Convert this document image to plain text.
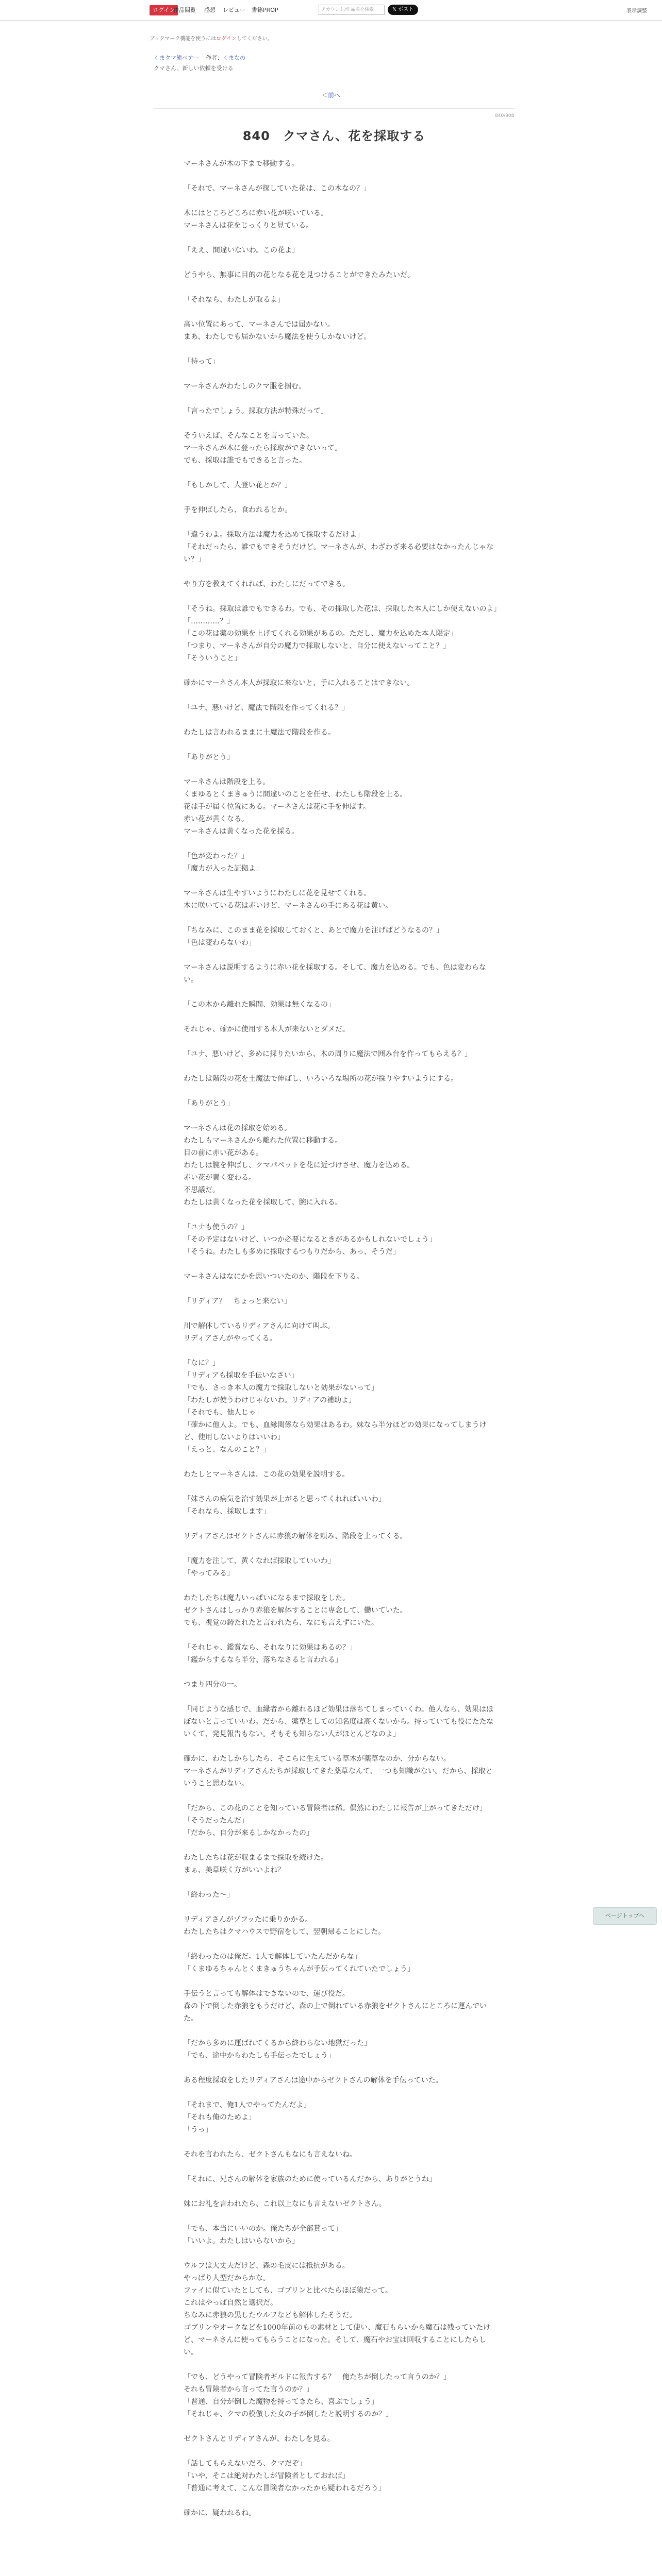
ログイン
作品閲覧 感想 レビュー 書籍PROP	アカウント/作品名を検索	𝕏 ポスト	表示調整
ブックマーク機能を使うにはログインしてください。
くまクマ熊ベアー 作者：くまなの
クマさん、新しい依頼を受ける
＜前へ
840/908
840　クマさん、花を採取する
マーネさんが木の下まで移動する。
「それで、マーネさんが探していた花は、この木なの？」
木にはところどころに赤い花が咲いている。
マーネさんは花をじっくりと見ている。
「ええ、間違いないわ。この花よ」
どうやら、無事に目的の花となる花を見つけることができたみたいだ。
「それなら、わたしが取るよ」
高い位置にあって、マーネさんでは届かない。
まあ、わたしでも届かないから魔法を使うしかないけど。
「待って」
マーネさんがわたしのクマ服を掴む。
「言ったでしょう。採取方法が特殊だって」
そういえば、そんなことを言っていた。
マーネさんが木に登ったら採取ができないって。
でも、採取は誰でもできると言った。
「もしかして、人登い花とか？」
手を伸ばしたら、食われるとか。
「違うわよ。採取方法は魔力を込めて採取するだけよ」
「それだったら、誰でもできそうだけど。マーネさんが、わざわざ来る必要はなかったんじゃない？」
やり方を教えてくれれば、わたしにだってできる。
「そうね。採取は誰でもできるわ。でも、その採取した花は、採取した本人にしか使えないのよ」
「…………？」
「この花は薬の効果を上げてくれる効果があるの。ただし、魔力を込めた本人限定」
「つまり、マーネさんが自分の魔力で採取しないと、自分に使えないってこと？」
「そういうこと」
確かにマーネさん本人が採取に来ないと、手に入れることはできない。
「ユナ、悪いけど、魔法で階段を作ってくれる？」
わたしは言われるままに土魔法で階段を作る。
「ありがとう」
マーネさんは階段を上る。
くまゆるとくまきゅうに間違いのことを任せ、わたしも階段を上る。
花は手が届く位置にある。マーネさんは花に手を伸ばす。
赤い花が黄くなる。
マーネさんは黄くなった花を採る。
「色が変わった？」
「魔力が入った証拠よ」
マーネさんは生やすいようにわたしに花を見せてくれる。
木に咲いている花は赤いけど、マーネさんの手にある花は黄い。
「ちなみに、このまま花を採取しておくと、あとで魔力を注げばどうなるの？」
「色は変わらないわ」
マーネさんは説明するように赤い花を採取する。そして、魔力を込める。でも、色は変わらない。
「この木から離れた瞬間、効果は無くなるの」
それじゃ、確かに使用する本人が来ないとダメだ。
「ユナ、悪いけど、多めに採りたいから、木の周りに魔法で囲み台を作ってもらえる？」
わたしは階段の花を土魔法で伸ばし、いろいろな場所の花が採りやすいようにする。
「ありがとう」
マーネさんは花の採取を始める。
わたしもマーネさんから離れた位置に移動する。
目の前に赤い花がある。
わたしは腕を伸ばし、クマパペットを花に近づけさせ、魔力を込める。
赤い花が黄く変わる。
不思議だ。
わたしは黄くなった花を採取して、腕に入れる。
「ユナも使うの？」
「その予定はないけど、いつか必要になるときがあるかもしれないでしょう」
「そうね。わたしも多めに採取するつもりだから、あっ、そうだ」
マーネさんはなにかを思いついたのか、階段を下りる。
「リディア？　ちょっと来ない」
川で解体しているリディアさんに向けて叫ぶ。
リディアさんがやってくる。
「なに？」
「リディアも採取を手伝いなさい」
「でも、さっき本人の魔力で採取しないと効果がないって」
「わたしが使うわけじゃないわ。リディアの補助よ」
「それでも、他人じゃ」
「確かに他人よ。でも、血縁関係なら効果はあるわ。妹なら半分ほどの効果になってしまうけど、使用しないよりはいいわ」
「えっと、なんのこと？」
わたしとマーネさんは、この花の効果を説明する。
「妹さんの病気を治す効果が上がると思ってくれればいいわ」
「それなら、採取します」
リディアさんはゼクトさんに赤狼の解体を頼み、階段を上ってくる。
「魔力を注して、黄くなれば採取していいわ」
「やってみる」
わたしたちは魔力いっぱいになるまで採取をした。
ゼクトさんはしっかり赤狼を解体することに専念して、働いていた。
でも、視覚の鋳たれたと言われたら、なにも言えずにいた。
「それじゃ、鑑賞なら、それなりに効果はあるの？」
「鑑からするなら半分、落ちなさると言われる」
つまり四分の一。
「同じような感じで、血縁者から離れるほど効果は落ちてしまっていくわ。他人なら、効果はほぼないと言っていいわ。だから、薬草としての知名度は高くないから。持っていても役にたたないくて、発見報告もない。そもそも知らない人がほとんどなのよ」
確かに、わたしからしたら、そこらに生えている草木が薬草なのか、分からない。
マーネさんがリディアさんたちが採取してきた薬草なんて、一つも知識がない。だから、採取ということ思わない。
「だから、この花のことを知っている冒険者は稀。偶然にわたしに報告が上がってきただけ」
「そうだったんだ」
「だから、自分が来るしかなかったの」
わたしたちは花が収まるまで採取を続けた。
まぁ、美草咲く方がいいよね？
「終わった～」
リディアさんがゾフッたに乗りかかる。
わたしたちはクマハウスで野宿をして、翌朝帰ることにした。
「終わったのは俺だ。1人で解体していたんだからな」
「くまゆるちゃんとくまきゅうちゃんが手伝ってくれていたでしょう」
手伝うと言っても解体はできないので、運び役だ。
森の下で倒した赤狼をもうだけど、森の上で倒れている赤狼をゼクトさんにところに運んでいた。
「だから多めに運ばれてくるから終わらない地獄だった」
「でも、途中からわたしも手伝ったでしょう」
ある程度採取をしたリディアさんは途中からゼクトさんの解体を手伝っていた。
「それまで、俺1人でやってたんだよ」
「それも俺のためよ」
「うっ」
それを言われたら、ゼクトさんもなにも言えないね。
「それに、兄さんの解体を家族のために使っているんだから、ありがとうね」
妹にお礼を言われたら、これ以上なにも言えないゼクトさん。
「でも、本当にいいのか。俺たちが全部貰って」
「いいよ。わたしはいらないから」
ウルフは大丈夫だけど、森の毛皮には抵抗がある。
やっぱり人型だからかな。
ファイに似ていたとしても、ゴブリンと比べたらほぼ猿だって。
これはやっぱ自然と選択だ。
ちなみに赤狼の黒したウルフなども解体したそうだ。
ゴブリンやオークなどを1000年前のもの素材として使い、魔石もらいから魔石は残っていたけど、マーネさんに使ってもらうことになった。そして、魔石やお宝は回収することにしたらしい。
「でも、どうやって冒険者ギルドに報告する？　俺たちが倒したって言うのか？」
それも冒険者から言ってた言うのか？」
「普通、自分が倒した魔物を持ってきたら、喜ぶでしょう」
「それじゃ、クマの模倣した女の子が倒したと説明するのか？」
ゼクトさんとリディアさんが、わたしを見る。
「話してもらえないだろ、クマだぞ」
「いや、そこは絶対わたしが冒険者としておれば」
「普通に考えて、こんな冒険者なかったから疑われるだろう」
確かに、疑われるね。
ページトップへ
